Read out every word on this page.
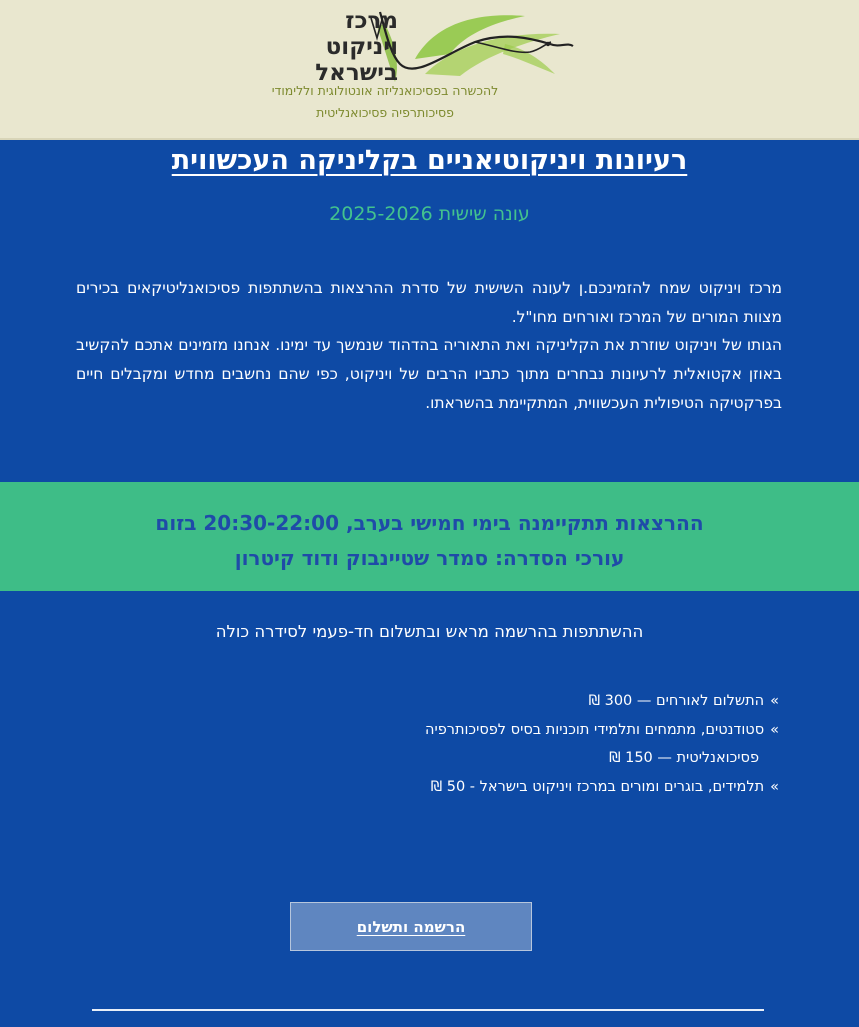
מרכז
ויניקוט
בישראל
להכשרה בפסיכואנליזה אונטולוגית וללימודי
פסיכותרפיה פסיכואנליטית
רעיונות ויניקוטיאניים בקליניקה העכשווית
עונה שישית 2025-2026

מרכז ויניקוט שמח להזמינכם.ן לעונה השישית של סדרת ההרצאות בהשתתפות פסיכואנליטיקאים בכירים מצוות המורים של המרכז ואורחים מחו"ל.

הגותו של ויניקוט שוזרת את הקליניקה ואת התאוריה בהדהוד שנמשך עד ימינו. אנחנו מזמינים אתכם להקשיב באוזן אקטואלית לרעיונות נבחרים מתוך כתביו הרבים של ויניקוט, כפי שהם נחשבים מחדש ומקבלים חיים בפרקטיקה הטיפולית העכשווית, המתקיימת בהשראתו.

ההרצאות תתקיימנה בימי חמישי בערב, 20:30-22:00 בזום
עורכי הסדרה: סמדר שטיינבוק ודוד קיטרון
ההשתתפות בהרשמה מראש ובתשלום חד-פעמי לסידרה כולה
»התשלום לאורחים — 300 ₪
»סטודנטים, מתמחים ותלמידי תוכניות בסיס לפסיכותרפיה
פסיכואנליטית — 150 ₪
»תלמידים, בוגרים ומורים במרכז ויניקוט בישראל - 50 ₪
הרשמה ותשלום
